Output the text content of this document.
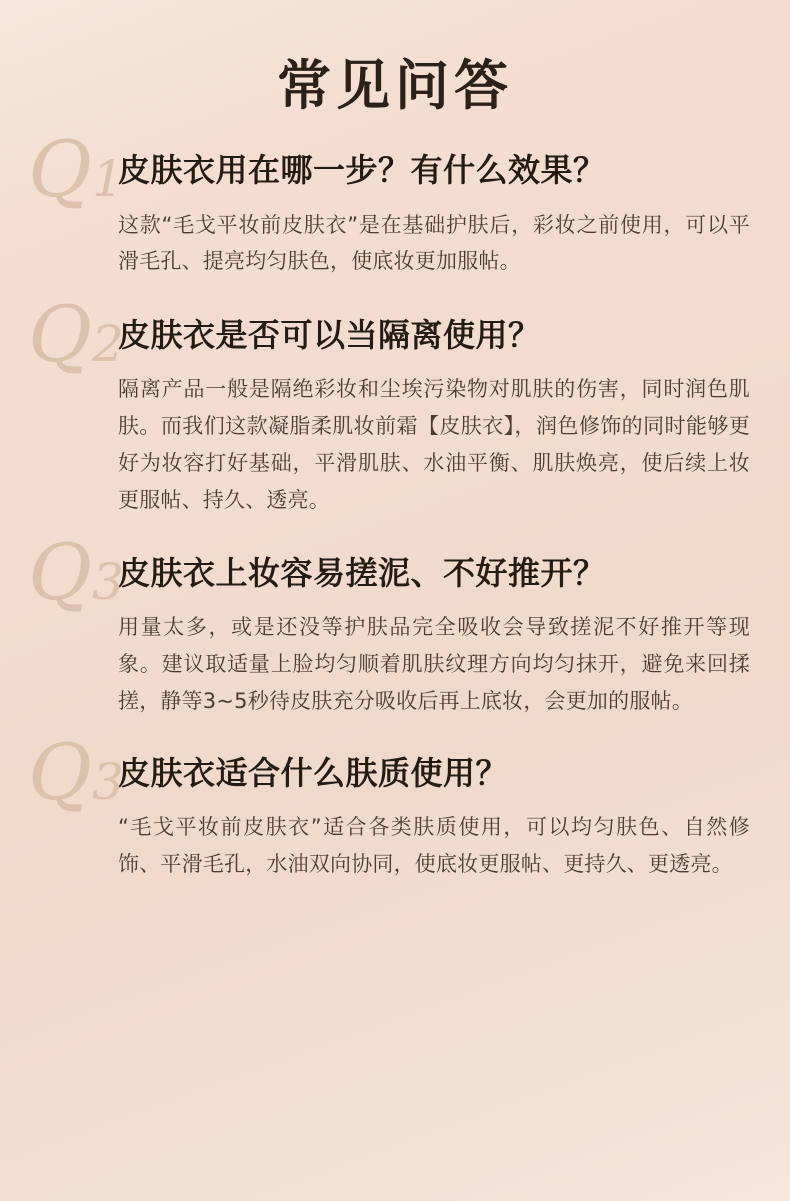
常见问答
Q1
皮肤衣用在哪一步？有什么效果？
这款“毛戈平妆前皮肤衣”是在基础护肤后，彩妆之前使用，可以平滑毛孔、提亮均匀肤色，使底妆更加服帖。
Q2
皮肤衣是否可以当隔离使用？
隔离产品一般是隔绝彩妆和尘埃污染物对肌肤的伤害，同时润色肌肤。而我们这款凝脂柔肌妆前霜【皮肤衣】，润色修饰的同时能够更好为妆容打好基础，平滑肌肤、水油平衡、肌肤焕亮，使后续上妆更服帖、持久、透亮。
Q3
皮肤衣上妆容易搓泥、不好推开？
用量太多，或是还没等护肤品完全吸收会导致搓泥不好推开等现象。建议取适量上脸均匀顺着肌肤纹理方向均匀抹开，避免来回揉搓，静等3~5秒待皮肤充分吸收后再上底妆，会更加的服帖。
Q3
皮肤衣适合什么肤质使用？
“毛戈平妆前皮肤衣”适合各类肤质使用，可以均匀肤色、自然修饰、平滑毛孔，水油双向协同，使底妆更服帖、更持久、更透亮。
